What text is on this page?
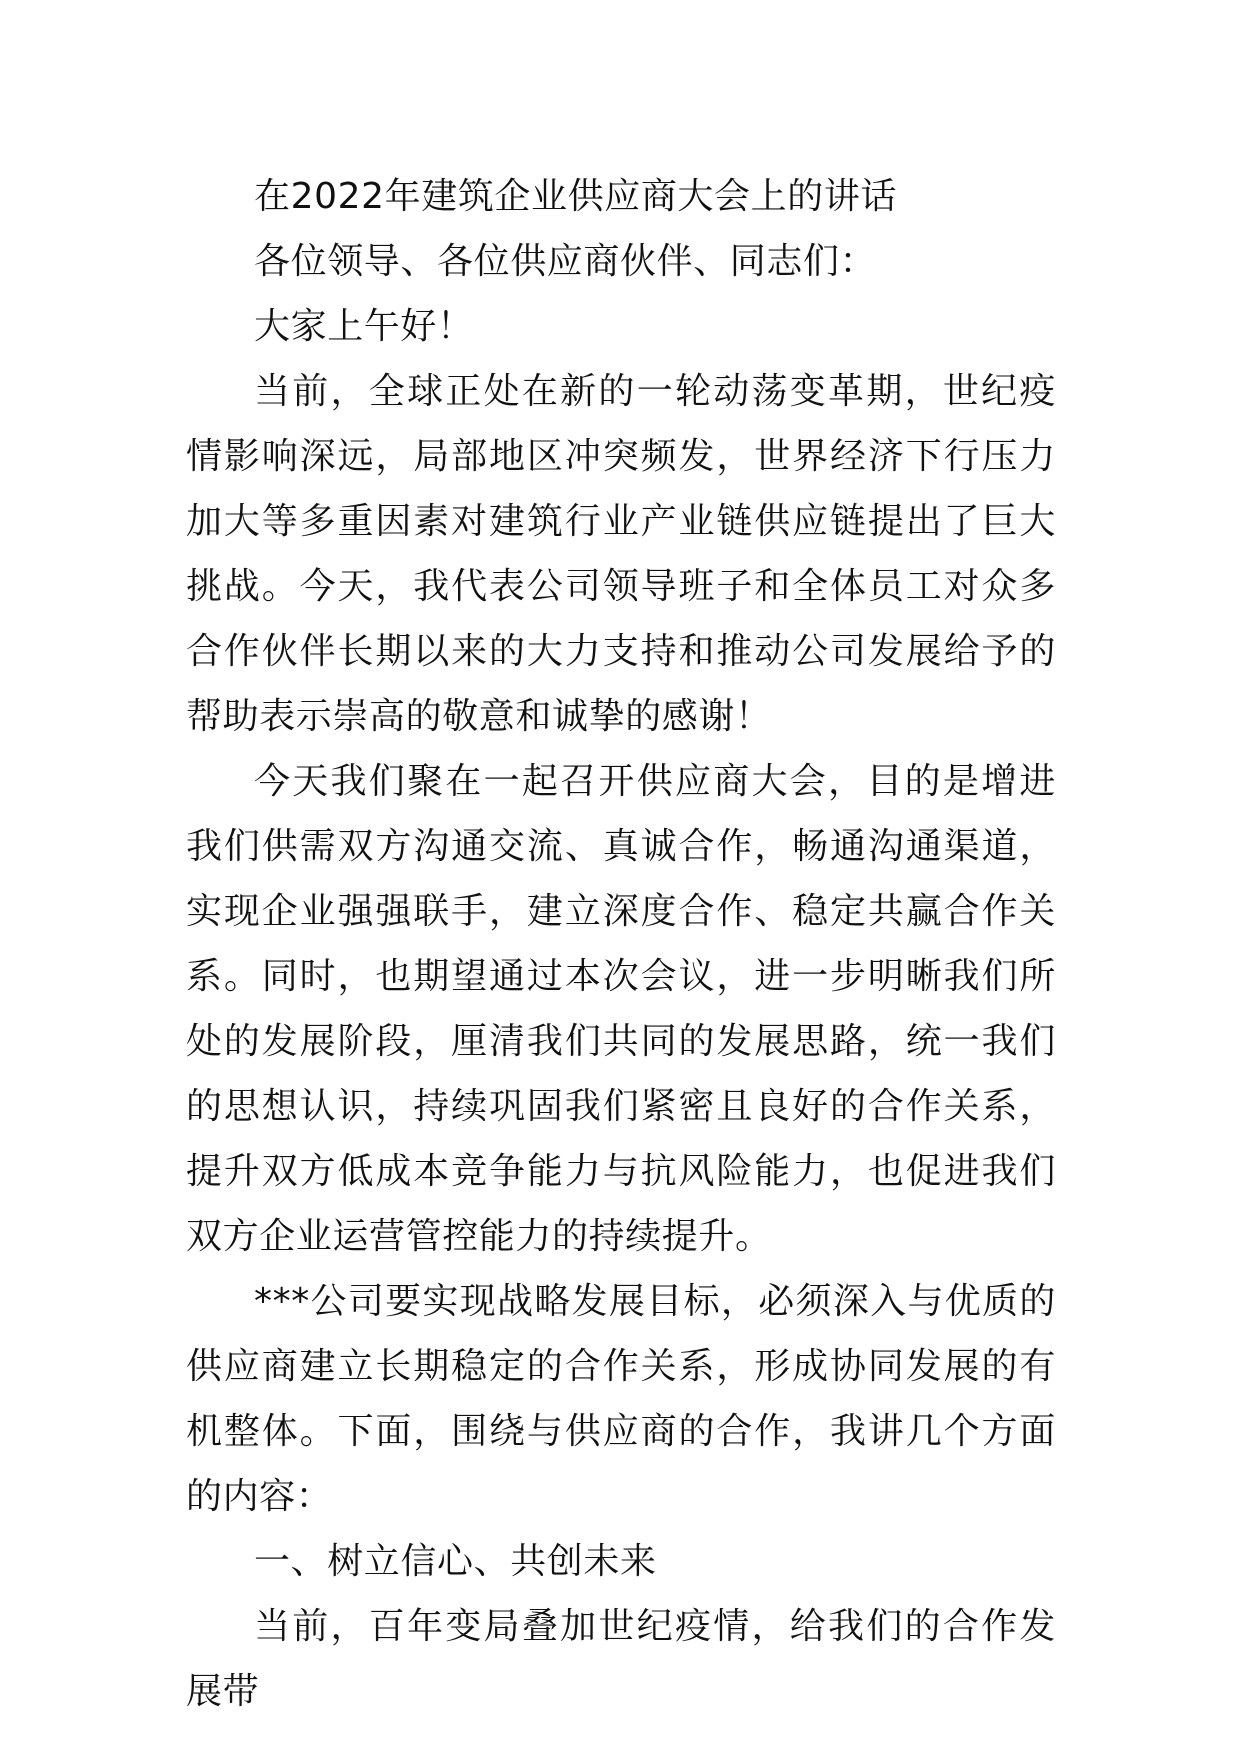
在2022年建筑企业供应商大会上的讲话

各位领导、各位供应商伙伴、同志们：

大家上午好！

当前，全球正处在新的一轮动荡变革期，世纪疫情影响深远，局部地区冲突频发，世界经济下行压力加大等多重因素对建筑行业产业链供应链提出了巨大挑战。今天，我代表公司领导班子和全体员工对众多合作伙伴长期以来的大力支持和推动公司发展给予的帮助表示崇高的敬意和诚挚的感谢！

今天我们聚在一起召开供应商大会，目的是增进我们供需双方沟通交流、真诚合作，畅通沟通渠道，实现企业强强联手，建立深度合作、稳定共赢合作关系。同时，也期望通过本次会议，进一步明晰我们所处的发展阶段，厘清我们共同的发展思路，统一我们的思想认识，持续巩固我们紧密且良好的合作关系，提升双方低成本竞争能力与抗风险能力，也促进我们双方企业运营管控能力的持续提升。

***公司要实现战略发展目标，必须深入与优质的供应商建立长期稳定的合作关系，形成协同发展的有机整体。下面，围绕与供应商的合作，我讲几个方面的内容：

一、树立信心、共创未来

当前，百年变局叠加世纪疫情，给我们的合作发展带
